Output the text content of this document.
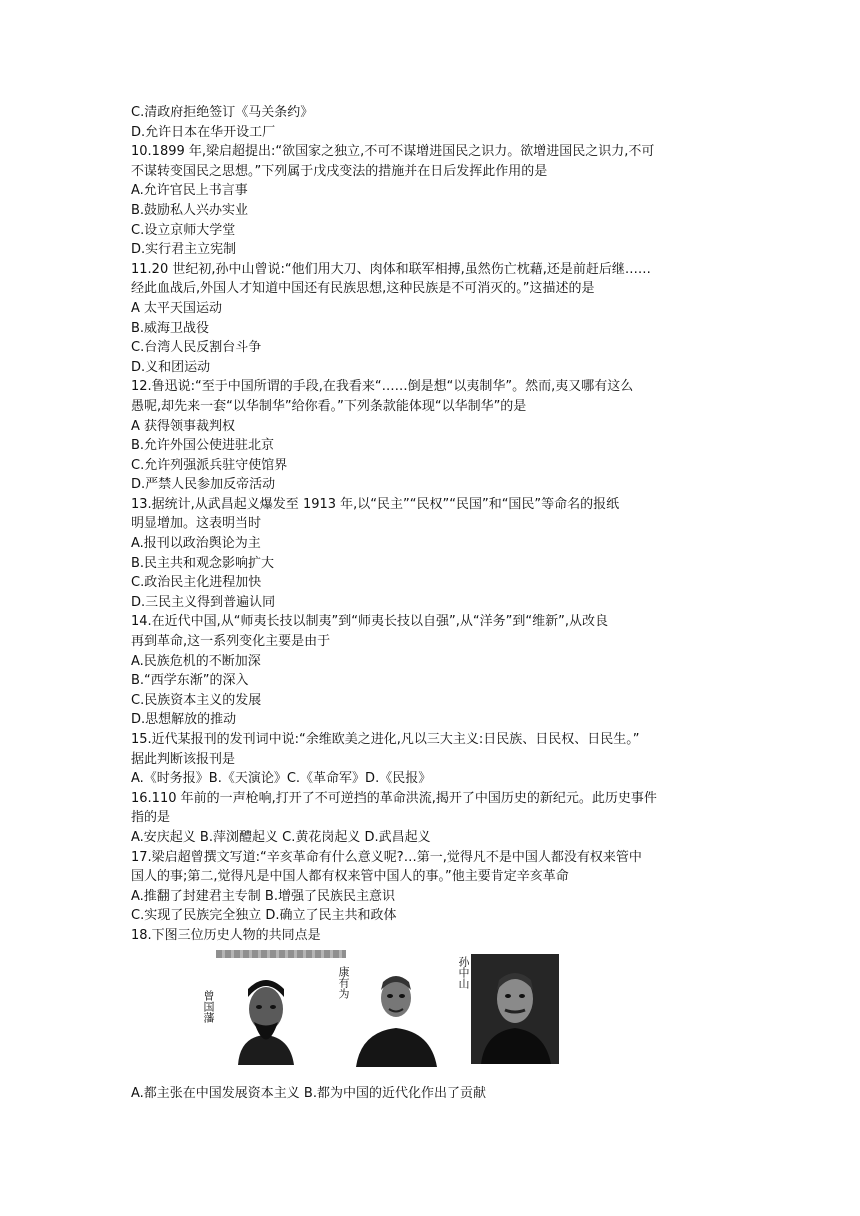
C.清政府拒绝签订《马关条约》
D.允许日本在华开设工厂
10.1899 年,梁启超提出:“欲国家之独立,不可不谋增进国民之识力。欲增进国民之识力,不可
不谋转变国民之思想。”下列属于戊戌变法的措施并在日后发挥此作用的是
A.允许官民上书言事
B.鼓励私人兴办实业
C.设立京师大学堂
D.实行君主立宪制
11.20 世纪初,孙中山曾说:“他们用大刀、肉体和联军相搏,虽然伤亡枕藉,还是前赶后继……
经此血战后,外国人才知道中国还有民族思想,这种民族是不可消灭的。”这描述的是
A 太平天国运动
B.威海卫战役
C.台湾人民反割台斗争
D.义和团运动
12.鲁迅说:“至于中国所谓的手段,在我看来“……倒是想“以夷制华”。然而,夷又哪有这么
愚呢,却先来一套“以华制华”给你看。”下列条款能体现“以华制华”的是
A 获得领事裁判权
B.允许外国公使进驻北京
C.允许列强派兵驻守使馆界
D.严禁人民参加反帝活动
13.据统计,从武昌起义爆发至 1913 年,以“民主”“民权”“民国”和“国民”等命名的报纸
明显增加。这表明当时
A.报刊以政治舆论为主
B.民主共和观念影响扩大
C.政治民主化进程加快
D.三民主义得到普遍认同
14.在近代中国,从“师夷长技以制夷”到“师夷长技以自强”,从“洋务”到“维新”,从改良
再到革命,这一系列变化主要是由于
A.民族危机的不断加深
B.“西学东渐”的深入
C.民族资本主义的发展
D.思想解放的推动
15.近代某报刊的发刊词中说:“余维欧美之进化,凡以三大主义:日民族、日民权、日民生。”
据此判断该报刊是
A.《时务报》B.《天演论》C.《革命军》D.《民报》
16.110 年前的一声枪响,打开了不可逆挡的革命洪流,揭开了中国历史的新纪元。此历史事件
指的是
A.安庆起义 B.萍浏醴起义 C.黄花岗起义 D.武昌起义
17.梁启超曾撰文写道:“辛亥革命有什么意义呢?…第一,觉得凡不是中国人都没有权来管中
国人的事;第二,觉得凡是中国人都有权来管中国人的事。”他主要肯定辛亥革命
A.推翻了封建君主专制 B.增强了民族民主意识
C.实现了民族完全独立 D.确立了民主共和政体
18.下图三位历史人物的共同点是
曾国藩
康有为	孙中山
A.都主张在中国发展资本主义 B.都为中国的近代化作出了贡献
